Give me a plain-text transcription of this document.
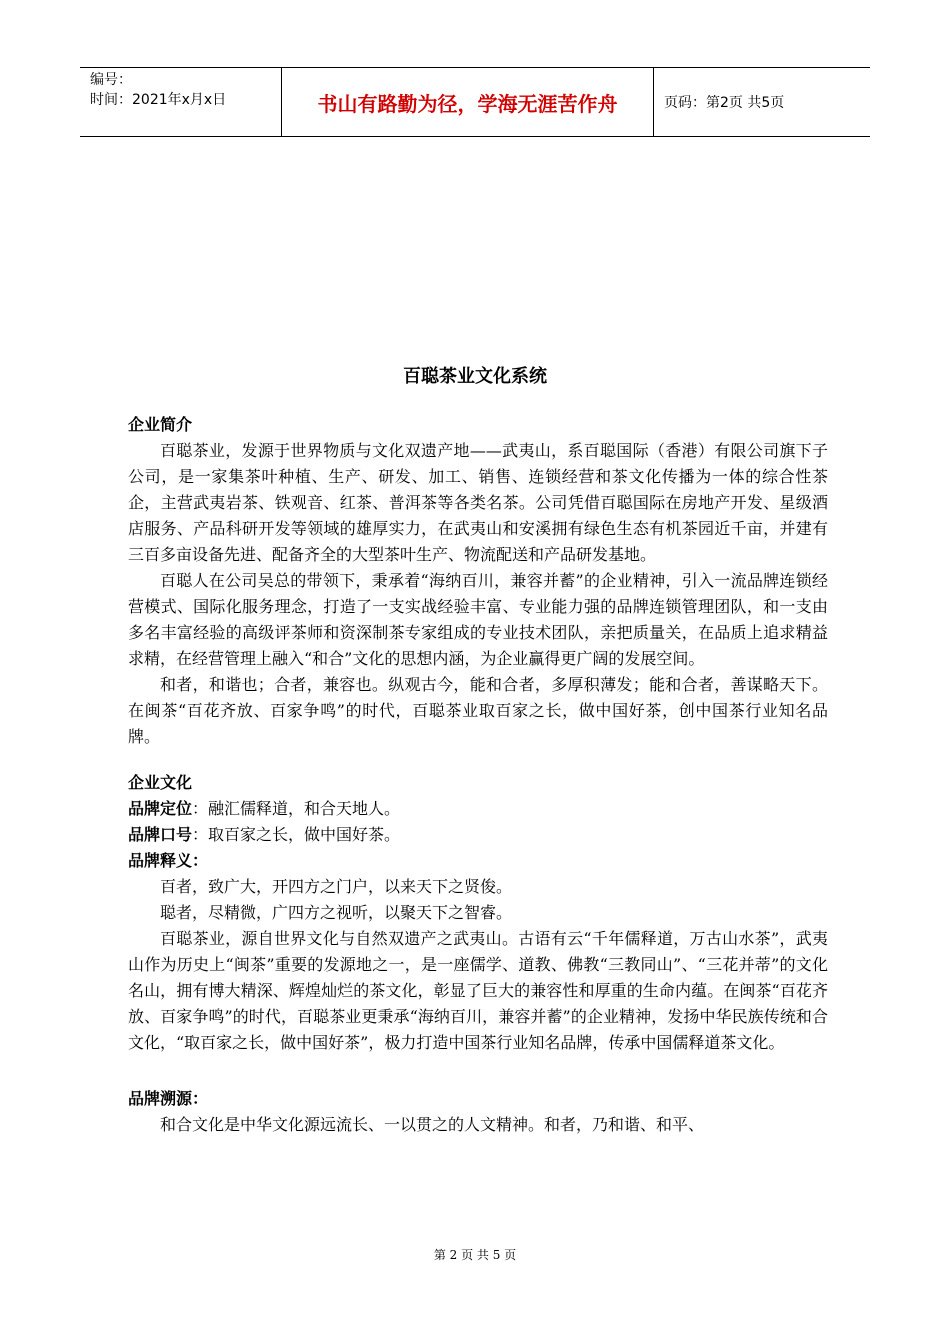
编号：
时间：2021年x月x日	书山有路勤为径，学海无涯苦作舟	页码：第2页 共5页
百聪茶业文化系统
企业简介

百聪茶业，发源于世界物质与文化双遗产地——武夷山，系百聪国际（香港）有限公司旗下子公司，是一家集茶叶种植、生产、研发、加工、销售、连锁经营和茶文化传播为一体的综合性茶企，主营武夷岩茶、铁观音、红茶、普洱茶等各类名茶。公司凭借百聪国际在房地产开发、星级酒店服务、产品科研开发等领域的雄厚实力，在武夷山和安溪拥有绿色生态有机茶园近千亩，并建有三百多亩设备先进、配备齐全的大型茶叶生产、物流配送和产品研发基地。

百聪人在公司吴总的带领下，秉承着“海纳百川，兼容并蓄”的企业精神，引入一流品牌连锁经营模式、国际化服务理念，打造了一支实战经验丰富、专业能力强的品牌连锁管理团队，和一支由多名丰富经验的高级评茶师和资深制茶专家组成的专业技术团队，亲把质量关，在品质上追求精益求精，在经营管理上融入“和合”文化的思想内涵，为企业赢得更广阔的发展空间。

和者，和谐也；合者，兼容也。纵观古今，能和合者，多厚积薄发；能和合者，善谋略天下。在闽茶“百花齐放、百家争鸣”的时代，百聪茶业取百家之长，做中国好茶，创中国茶行业知名品牌。

企业文化

品牌定位：融汇儒释道，和合天地人。

品牌口号：取百家之长，做中国好茶。

品牌释义：

百者，致广大，开四方之门户，以来天下之贤俊。

聪者，尽精微，广四方之视听，以聚天下之智睿。

百聪茶业，源自世界文化与自然双遗产之武夷山。古语有云“千年儒释道，万古山水茶”，武夷山作为历史上“闽茶”重要的发源地之一，是一座儒学、道教、佛教“三教同山”、“三花并蒂”的文化名山，拥有博大精深、辉煌灿烂的茶文化，彰显了巨大的兼容性和厚重的生命内蕴。在闽茶“百花齐放、百家争鸣”的时代，百聪茶业更秉承“海纳百川，兼容并蓄”的企业精神，发扬中华民族传统和合文化，“取百家之长，做中国好茶”，极力打造中国茶行业知名品牌，传承中国儒释道茶文化。

品牌溯源：

和合文化是中华文化源远流长、一以贯之的人文精神。和者，乃和谐、和平、

第 2 页 共 5 页
